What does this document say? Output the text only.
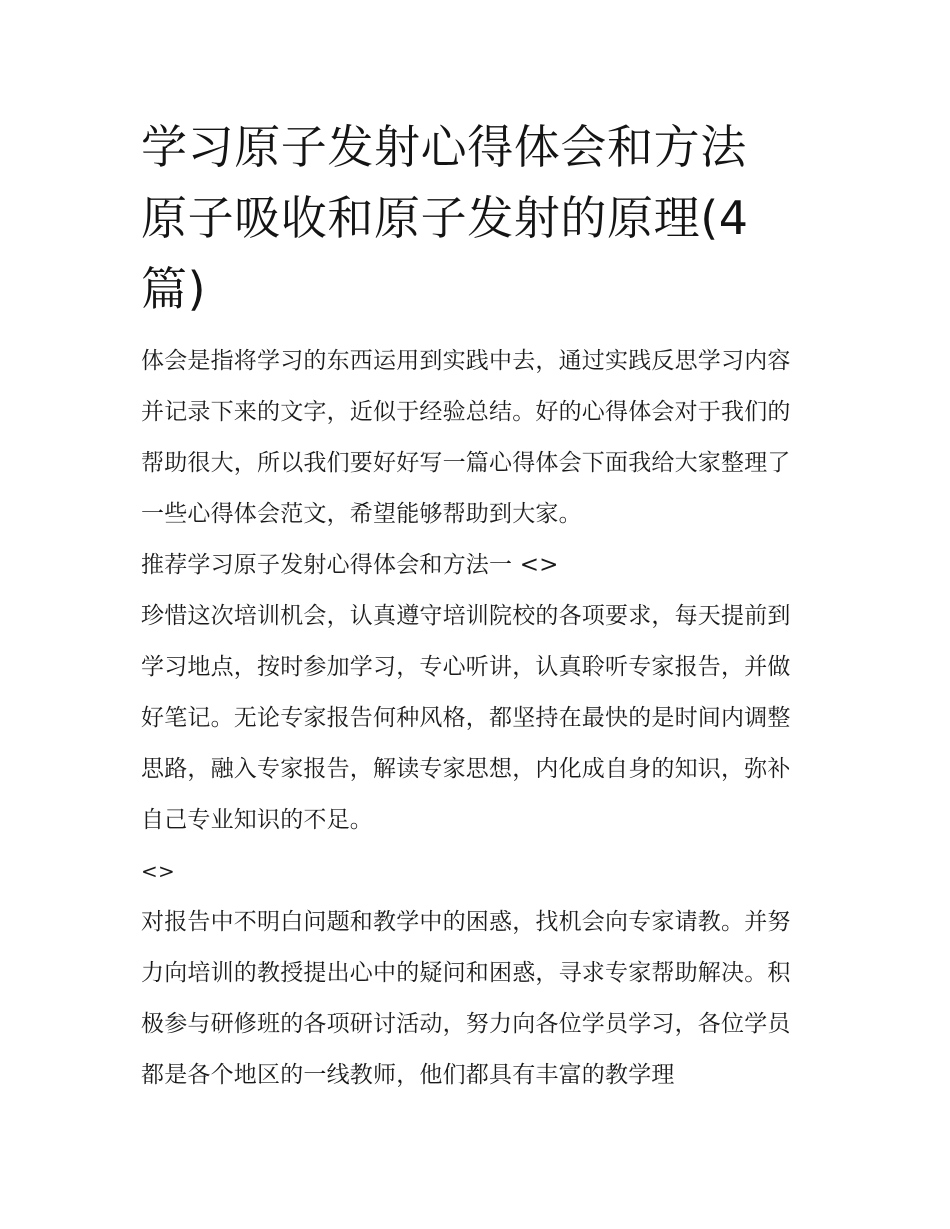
学习原子发射心得体会和方法
原子吸收和原子发射的原理(4
篇)

体会是指将学习的东西运用到实践中去，通过实践反思学习内容并记录下来的文字，近似于经验总结。好的心得体会对于我们的帮助很大，所以我们要好好写一篇心得体会下面我给大家整理了一些心得体会范文，希望能够帮助到大家。

推荐学习原子发射心得体会和方法一 <>

珍惜这次培训机会，认真遵守培训院校的各项要求，每天提前到学习地点，按时参加学习，专心听讲，认真聆听专家报告，并做好笔记。无论专家报告何种风格，都坚持在最快的是时间内调整思路，融入专家报告，解读专家思想，内化成自身的知识，弥补自己专业知识的不足。

<>

对报告中不明白问题和教学中的困惑，找机会向专家请教。并努力向培训的教授提出心中的疑问和困惑，寻求专家帮助解决。积极参与研修班的各项研讨活动，努力向各位学员学习，各位学员都是各个地区的一线教师，他们都具有丰富的教学理
